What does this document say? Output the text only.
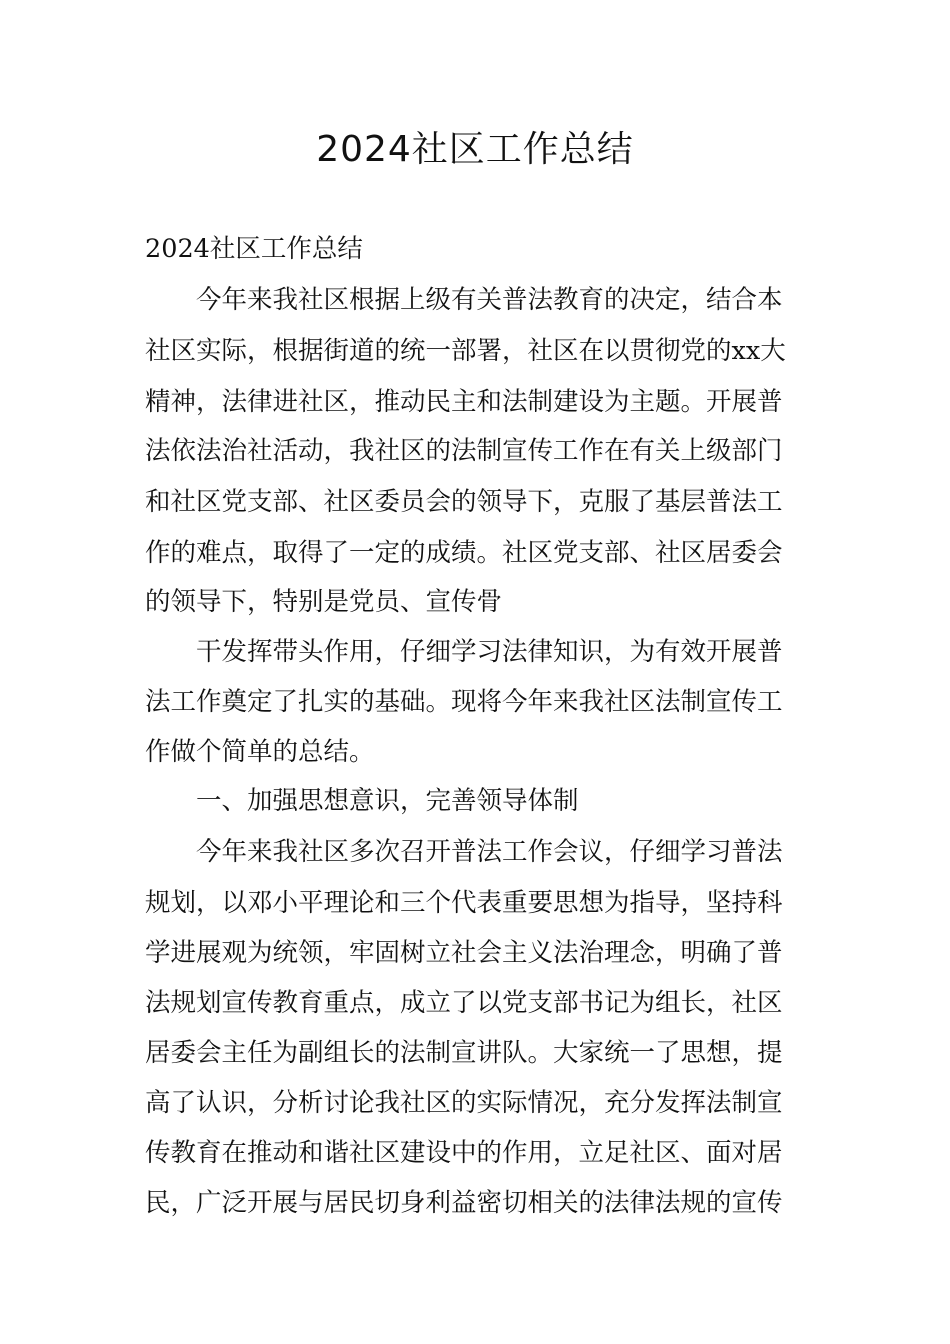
2024社区工作总结
2024社区工作总结
今年来我社区根据上级有关普法教育的决定，结合本
社区实际，根据街道的统一部署，社区在以贯彻党的xx大
精神，法律进社区，推动民主和法制建设为主题。开展普
法依法治社活动，我社区的法制宣传工作在有关上级部门
和社区党支部、社区委员会的领导下，克服了基层普法工
作的难点，取得了一定的成绩。社区党支部、社区居委会
的领导下，特别是党员、宣传骨
干发挥带头作用，仔细学习法律知识，为有效开展普
法工作奠定了扎实的基础。现将今年来我社区法制宣传工
作做个简单的总结。
一、加强思想意识，完善领导体制
今年来我社区多次召开普法工作会议，仔细学习普法
规划，以邓小平理论和三个代表重要思想为指导，坚持科
学进展观为统领，牢固树立社会主义法治理念，明确了普
法规划宣传教育重点，成立了以党支部书记为组长，社区
居委会主任为副组长的法制宣讲队。大家统一了思想，提
高了认识，分析讨论我社区的实际情况，充分发挥法制宣
传教育在推动和谐社区建设中的作用，立足社区、面对居
民，广泛开展与居民切身利益密切相关的法律法规的宣传
